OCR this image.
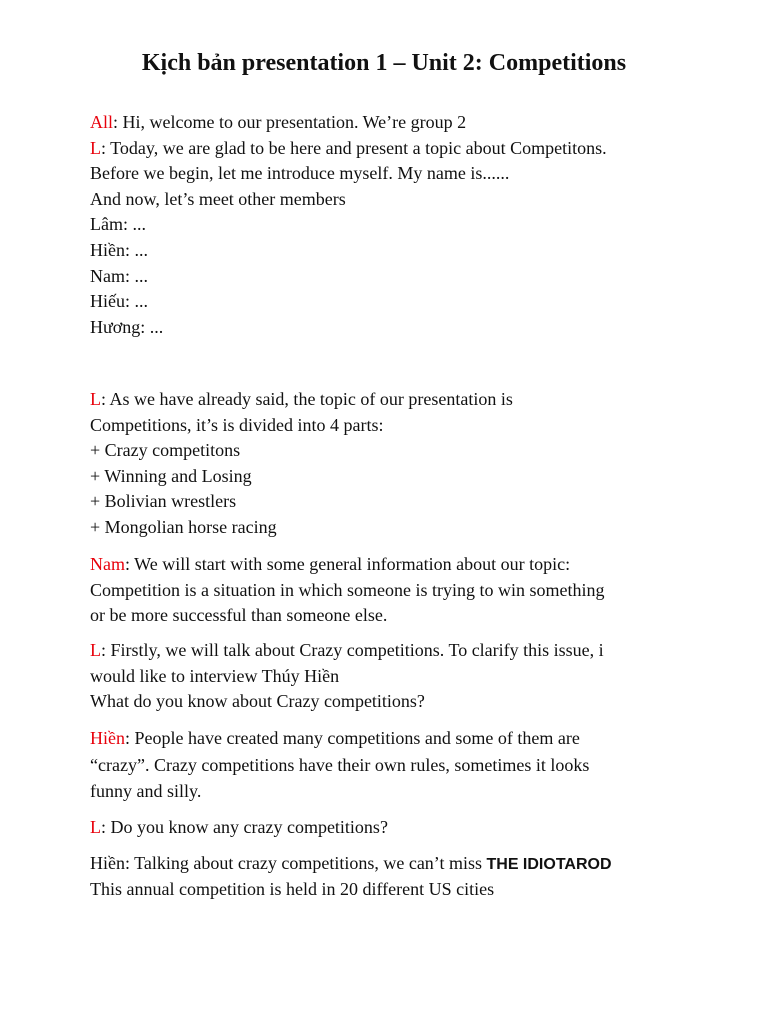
Kịch bản presentation 1 – Unit 2: Competitions
All: Hi, welcome to our presentation. We’re group 2
L: Today, we are glad to be here and present a topic about Competitons.
Before we begin, let me introduce myself. My name is......
And now, let’s meet other members
Lâm: ...
Hiền: ...
Nam: ...
Hiếu: ...
Hương: ...
L: As we have already said, the topic of our presentation is
Competitions, it’s is divided into 4 parts:
+ Crazy competitons
+ Winning and Losing
+ Bolivian wrestlers
+ Mongolian horse racing
Nam: We will start with some general information about our topic:
Competition is a situation in which someone is trying to win something
or be more successful than someone else.
L: Firstly, we will talk about Crazy competitions. To clarify this issue, i
would like to interview Thúy Hiền
What do you know about Crazy competitions?
Hiền: People have created many competitions and some of them are
“crazy”. Crazy competitions have their own rules, sometimes it looks
funny and silly.
L: Do you know any crazy competitions?
Hiền: Talking about crazy competitions, we can’t miss THE IDIOTAROD
This annual competition is held in 20 different US cities
